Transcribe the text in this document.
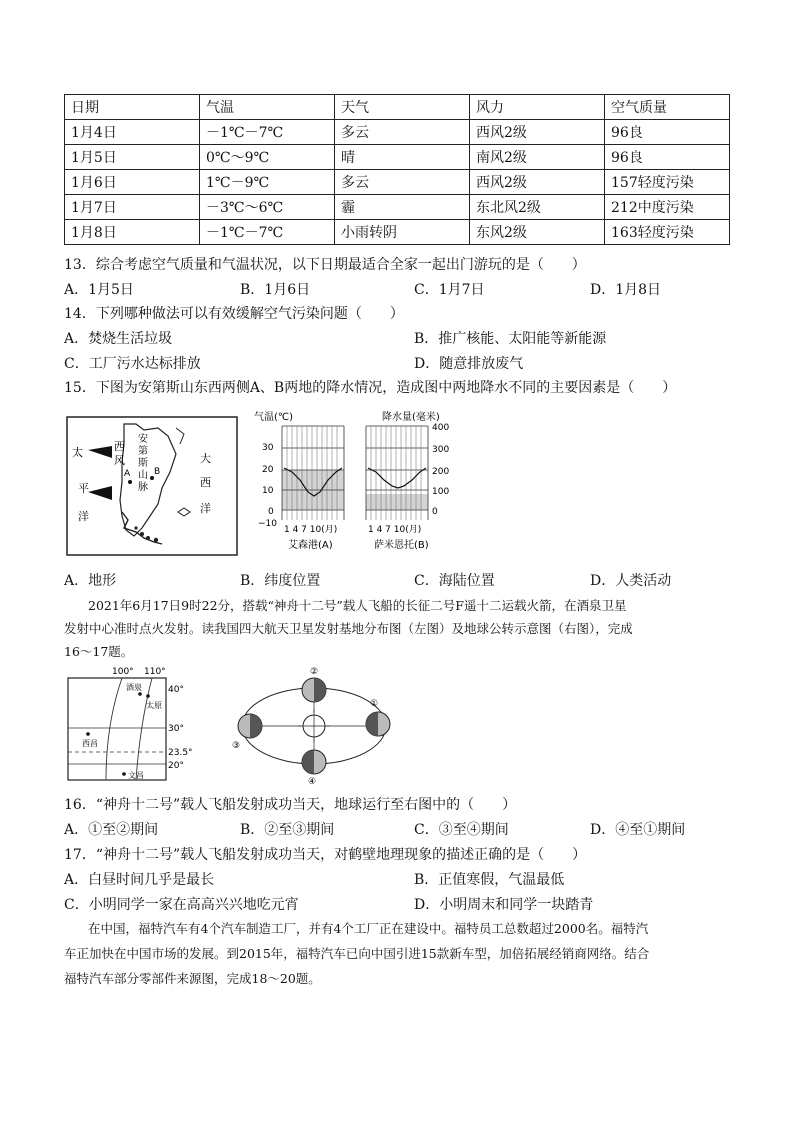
日期	气温	天气	风力	空气质量
1月4日	－1℃－7℃	多云	西风2级	96良
1月5日	0℃～9℃	晴	南风2级	96良
1月6日	1℃－9℃	多云	西风2级	157轻度污染
1月7日	－3℃～6℃	霾	东北风2级	212中度污染
1月8日	－1℃－7℃	小雨转阴	东风2级	163轻度污染
13．综合考虑空气质量和气温状况，以下日期最适合全家一起出门游玩的是（　　）
A．1月5日	B．1月6日	C．1月7日	D．1月8日
14．下列哪种做法可以有效缓解空气污染问题（　　）
A．焚烧生活垃圾	B．推广核能、太阳能等新能源
C．工厂污水达标排放	D．随意排放废气
15．下图为安第斯山东西两侧A、B两地的降水情况，造成图中两地降水不同的主要因素是（　　）
西
风
太
平
洋
大
西
洋
安
第
斯
山
脉
A	B
气温(℃)
30
20
10
0
−10
1 4 7 10(月)
艾森港(A)
降水量(毫米)
400
300
200
100
0
1 4 7 10(月)
萨米恩托(B)
A．地形	B．纬度位置	C．海陆位置	D．人类活动
2021年6月17日9时22分，搭载“神舟十二号”载人飞船的长征二号F遥十二运载火箭，在酒泉卫星
发射中心准时点火发射。读我国四大航天卫星发射基地分布图（左图）及地球公转示意图（右图），完成
16～17题。
100° 110°
40°
30°
23.5°
20°
酒泉
太原
西昌
文昌
②
①
③
④
16．“神舟十二号”载人飞船发射成功当天，地球运行至右图中的（　　）
A．①至②期间	B．②至③期间	C．③至④期间	D．④至①期间
17．“神舟十二号”载人飞船发射成功当天，对鹤壁地理现象的描述正确的是（　　）
A．白昼时间几乎是最长	B．正值寒假，气温最低
C．小明同学一家在高高兴兴地吃元宵	D．小明周末和同学一块踏青
在中国，福特汽车有4个汽车制造工厂，并有4个工厂正在建设中。福特员工总数超过2000名。福特汽
车正加快在中国市场的发展。到2015年，福特汽车已向中国引进15款新车型，加倍拓展经销商网络。结合
福特汽车部分零部件来源图，完成18～20题。
